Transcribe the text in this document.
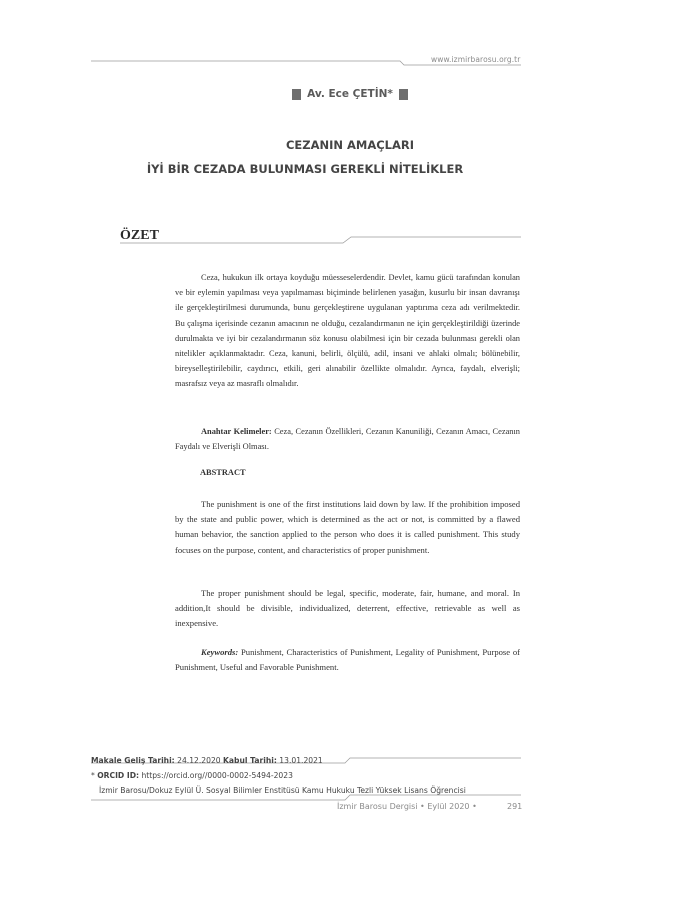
www.izmirbarosu.org.tr
Av. Ece ÇETİN*
CEZANIN AMAÇLARI
İYİ BİR CEZADA BULUNMASI GEREKLİ NİTELİKLER
ÖZET

Ceza, hukukun ilk ortaya koyduğu müesseselerdendir. Devlet, kamu gücü tarafından konulan ve bir eylemin yapılması veya yapılmaması biçiminde belirlenen yasağın, kusurlu bir insan davranışı ile gerçekleştirilmesi durumunda, bunu gerçekleştirene uygulanan yaptırıma ceza adı verilmektedir. Bu çalışma içerisinde cezanın amacının ne olduğu, cezalandırmanın ne için gerçekleştirildiği üzerinde durulmakta ve iyi bir cezalandırmanın söz konusu olabilmesi için bir cezada bulunması gerekli olan nitelikler açıklanmaktadır. Ceza, kanuni, belirli, ölçülü, adil, insani ve ahlaki olmalı; bölünebilir, bireyselleştirilebilir, caydırıcı, etkili, geri alınabilir özellikte olmalıdır. Ayrıca, faydalı, elverişli; masrafsız veya az masraflı olmalıdır.

Anahtar Kelimeler: Ceza, Cezanın Özellikleri, Cezanın Kanuniliği, Cezanın Amacı, Cezanın Faydalı ve Elverişli Olması.

ABSTRACT

The punishment is one of the first institutions laid down by law. If the prohibition imposed by the state and public power, which is determined as the act or not, is committed by a flawed human behavior, the sanction applied to the person who does it is called punishment. This study focuses on the purpose, content, and characteristics of proper punishment.

The proper punishment should be legal, specific, moderate, fair, humane, and moral. In addition,It should be divisible, individualized, deterrent, effective, retrievable as well as inexpensive.

Keywords: Punishment, Characteristics of Punishment, Legality of Punishment, Purpose of Punishment, Useful and Favorable Punishment.

Makale Geliş Tarihi: 24.12.2020 Kabul Tarihi: 13.01.2021
* ORCID ID: https://orcid.org//0000-0002-5494-2023
İzmir Barosu/Dokuz Eylül Ü. Sosyal Bilimler Enstitüsü Kamu Hukuku Tezli Yüksek Lisans Öğrencisi
İzmir Barosu Dergisi • Eylül 2020 •	291
